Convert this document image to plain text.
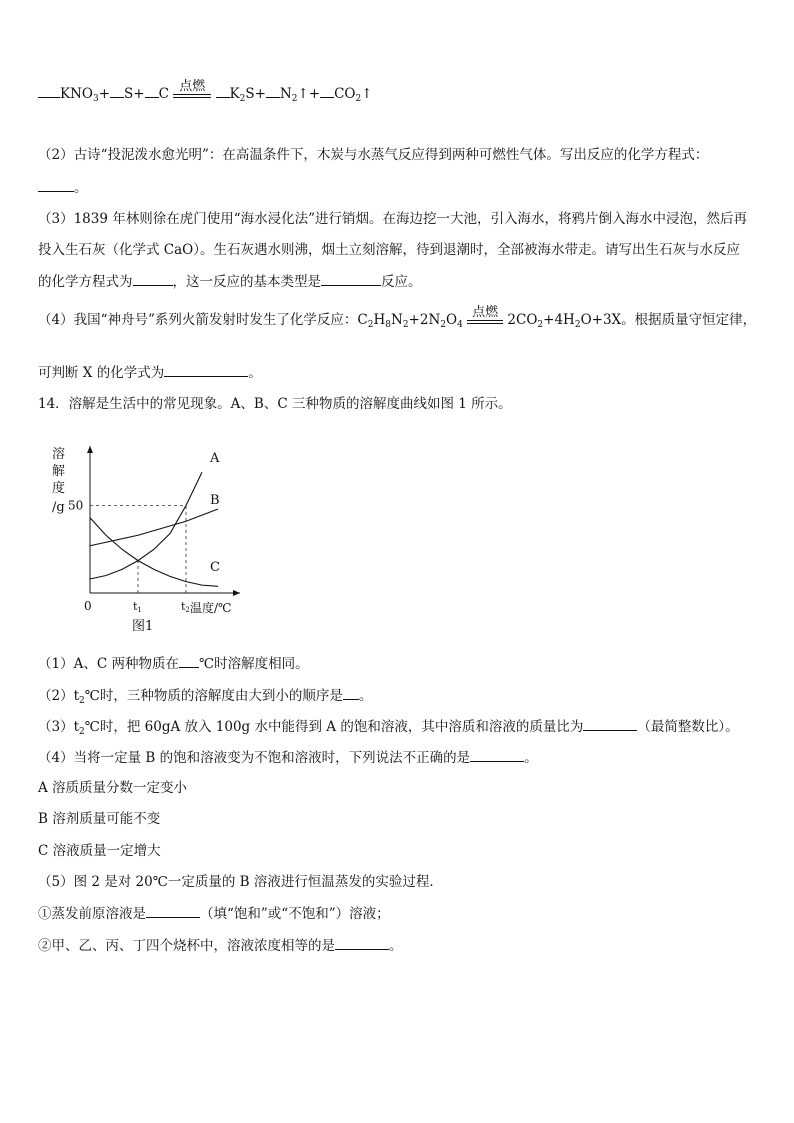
$KNO_3+ S+ C$ 点燃	$K_2S+$ $N_2↑+$ $CO_2↑$
（2）古诗“投泥泼水愈光明”：在高温条件下，木炭与水蒸气反应得到两种可燃性气体。写出反应的化学方程式：
。
（3）1839 年林则徐在虎门使用“海水浸化法”进行销烟。在海边挖一大池，引入海水，将鸦片倒入海水中浸泡，然后再
投入生石灰（化学式 CaO）。生石灰遇水则沸，烟土立刻溶解，待到退潮时，全部被海水带走。请写出生石灰与水反应
的化学方程式为	，这一反应的基本类型是	反应。
（4）我国“神舟号”系列火箭发射时发生了化学反应：$C_2H_8N_2+2N_2O_4$
点燃 $2CO_2+4H_2O+3X$。根据质量守恒定律，
可判断 X 的化学式为	。
14．溶解是生活中的常见现象。A、B、C 三种物质的溶解度曲线如图 1 所示。
溶
解
度
/g 50
t1	t2
0	温度/℃
图1
A
B
C
（1）A、C 两种物质在 ℃时溶解度相同。
$(2)t_2℃$时，三种物质的溶解度由大到小的顺序是 。
$(3)t_2℃$时，把 60gA 放入 100g 水中能得到 A 的饱和溶液，其中溶质和溶液的质量比为	（最简整数比）。
（4）当将一定量 B 的饱和溶液变为不饱和溶液时，下列说法不正确的是	。
A 溶质质量分数一定变小
B 溶剂质量可能不变
C 溶液质量一定增大
（5）图 2 是对 20℃一定质量的 B 溶液进行恒温蒸发的实验过程．
①蒸发前原溶液是	（填“饱和”或“不饱和”）溶液；
②甲、乙、丙、丁四个烧杯中，溶液浓度相等的是	。
